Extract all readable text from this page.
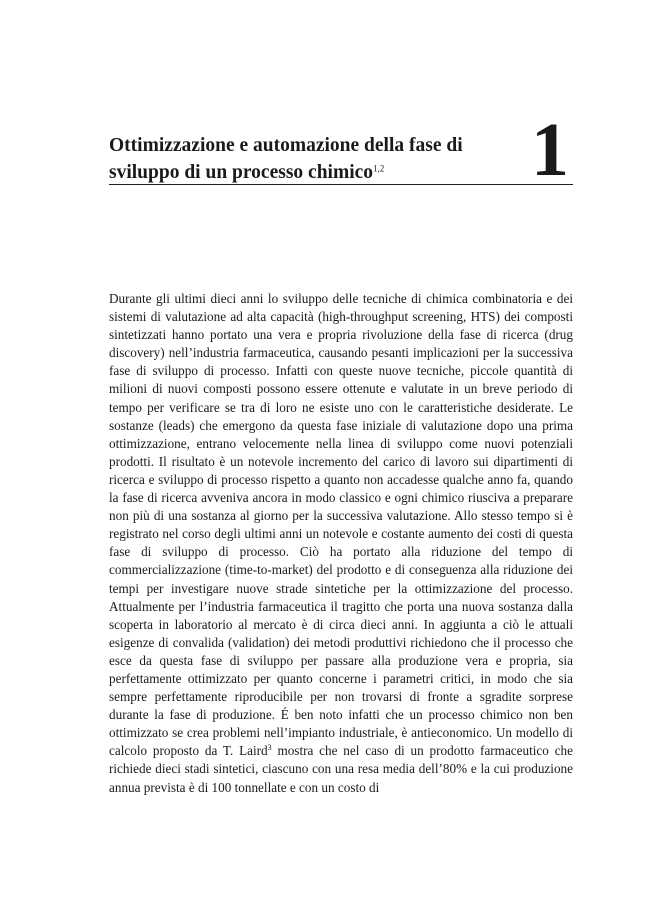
Ottimizzazione e automazione della fase di sviluppo di un processo chimico$^{1,2}$	1

Durante gli ultimi dieci anni lo sviluppo delle tecniche di chimica combinatoria e dei sistemi di valutazione ad alta capacità (high-throughput screening, HTS) dei composti sintetizzati hanno portato una vera e propria rivoluzione della fase di ricerca (drug discovery) nell’industria farmaceutica, causando pesanti implicazioni per la successiva fase di sviluppo di processo. Infatti con queste nuove tecniche, piccole quantità di milioni di nuovi composti possono essere ottenute e valutate in un breve periodo di tempo per verificare se tra di loro ne esiste uno con le caratteristiche desiderate. Le sostanze (leads) che emergono da questa fase iniziale di valutazione dopo una prima ottimizzazione, entrano velocemente nella linea di sviluppo come nuovi potenziali prodotti. Il risultato è un notevole incremento del carico di lavoro sui dipartimenti di ricerca e sviluppo di processo rispetto a quanto non accadesse qualche anno fa, quando la fase di ricerca avveniva ancora in modo classico e ogni chimico riusciva a preparare non più di una sostanza al giorno per la successiva valutazione. Allo stesso tempo si è registrato nel corso degli ultimi anni un notevole e costante aumento dei costi di questa fase di sviluppo di processo. Ciò ha portato alla riduzione del tempo di commercializzazione (time-to-market) del prodotto e di conseguenza alla riduzione dei tempi per investigare nuove strade sintetiche per la ottimizzazione del processo. Attualmente per l’industria farmaceutica il tragitto che porta una nuova sostanza dalla scoperta in laboratorio al mercato è di circa dieci anni. In aggiunta a ciò le attuali esigenze di convalida (validation) dei metodi produttivi richiedono che il processo che esce da questa fase di sviluppo per passare alla produzione vera e propria, sia perfettamente ottimizzato per quanto concerne i parametri critici, in modo che sia sempre perfettamente riproducibile per non trovarsi di fronte a sgradite sorprese durante la fase di produzione. É ben noto infatti che un processo chimico non ben ottimizzato se crea problemi nell’impianto industriale, è antieconomico. Un modello di calcolo proposto da T. Laird$^3$ mostra che nel caso di un prodotto farmaceutico che richiede dieci stadi sintetici, ciascuno con una resa media dell’80% e la cui produzione annua prevista è di 100 tonnellate e con un costo di
